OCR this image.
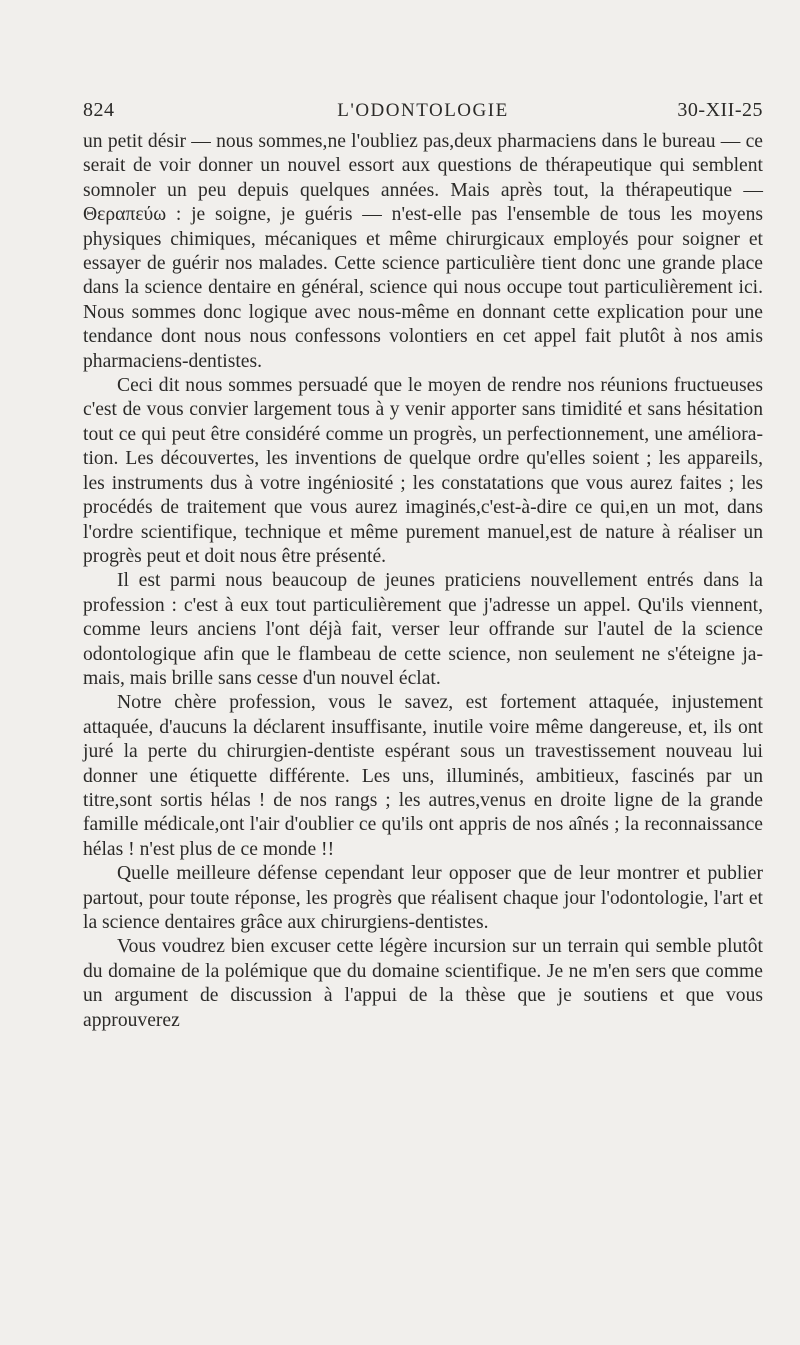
824	L'ODONTOLOGIE	30-XII-25

un petit désir — nous sommes,ne l'oubliez pas,deux pharmaciens dans le bureau — ce serait de voir donner un nouvel essort aux questions de thérapeutique qui semblent somnoler un peu depuis quelques années. Mais après tout, la thérapeutique — Θεραπεύω : je soigne, je guéris — n'est-elle pas l'ensemble de tous les moyens physiques chimiques, mécaniques et même chirurgicaux employés pour soigner et essayer de guérir nos malades. Cette science particulière tient donc une grande place dans la science dentaire en général, science qui nous occupe tout particulièrement ici. Nous sommes donc logique avec nous-même en donnant cette explication pour une tendance dont nous nous confessons volontiers en cet appel fait plutôt à nos amis pharmaciens-dentistes.

Ceci dit nous sommes persuadé que le moyen de rendre nos réunions fructueuses c'est de vous convier largement tous à y venir apporter sans timidité et sans hésitation tout ce qui peut être considéré comme un progrès, un perfectionnement, une amélioration. Les découvertes, les inventions de quelque ordre qu'elles soient ; les appareils, les instruments dus à votre ingéniosité ; les constatations que vous aurez faites ; les procédés de traitement que vous aurez imaginés,c'est-à-dire ce qui,en un mot, dans l'ordre scientifique, technique et même purement manuel,est de nature à réaliser un progrès peut et doit nous être présenté.

Il est parmi nous beaucoup de jeunes praticiens nouvellement entrés dans la profession : c'est à eux tout particulièrement que j'adresse un appel. Qu'ils viennent, comme leurs anciens l'ont déjà fait, verser leur offrande sur l'autel de la science odontologique afin que le flambeau de cette science, non seulement ne s'éteigne jamais, mais brille sans cesse d'un nouvel éclat.

Notre chère profession, vous le savez, est fortement attaquée, injustement attaquée, d'aucuns la déclarent insuffisante, inutile voire même dangereuse, et, ils ont juré la perte du chirurgien-dentiste espérant sous un travestissement nouveau lui donner une étiquette différente. Les uns, illuminés, ambitieux, fascinés par un titre,sont sortis hélas ! de nos rangs ; les autres,venus en droite ligne de la grande famille médicale,ont l'air d'oublier ce qu'ils ont appris de nos aînés ; la reconnaissance hélas ! n'est plus de ce monde !!

Quelle meilleure défense cependant leur opposer que de leur montrer et publier partout, pour toute réponse, les progrès que réalisent chaque jour l'odontologie, l'art et la science dentaires grâce aux chirurgiens-dentistes.

Vous voudrez bien excuser cette légère incursion sur un terrain qui semble plutôt du domaine de la polémique que du domaine scientifique. Je ne m'en sers que comme un argument de discussion à l'appui de la thèse que je soutiens et que vous approuverez
